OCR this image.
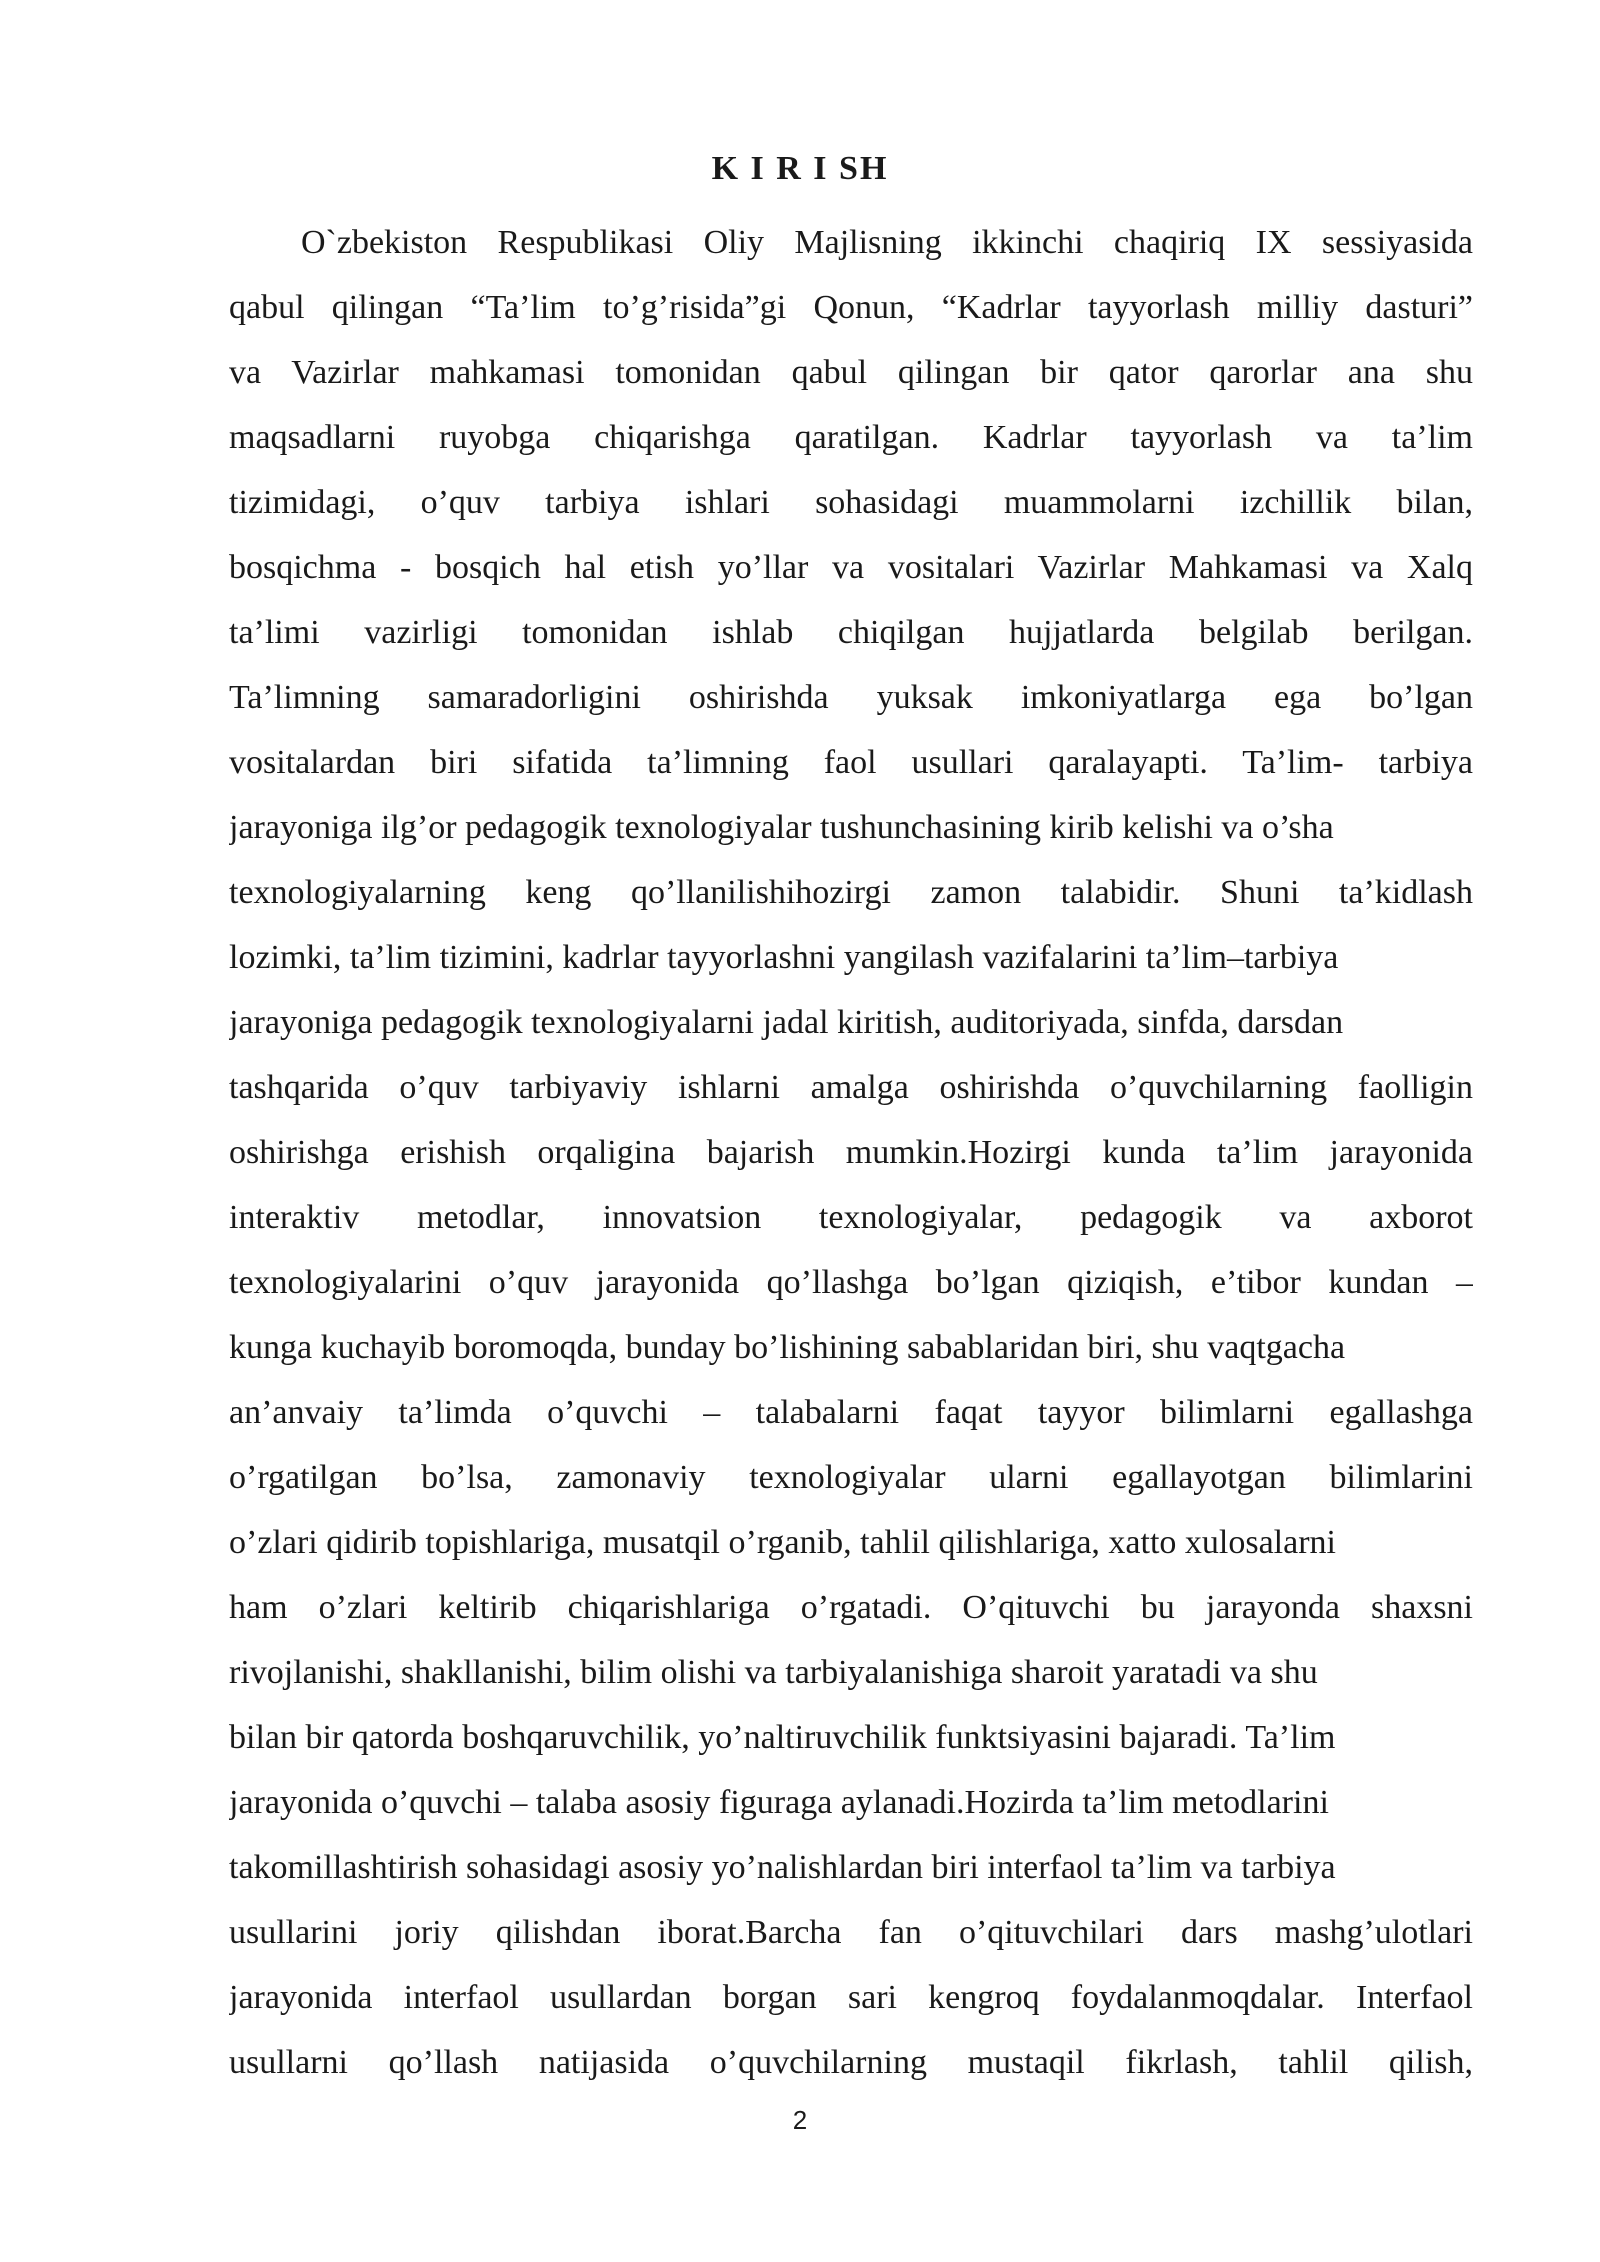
K I R I SH
O`zbekiston Respublikasi Oliy Majlisning ikkinchi chaqiriq IX sessiyasida
qabul qilingan “Ta’lim to’g’risida”gi Qonun, “Kadrlar tayyorlash milliy dasturi”
va Vazirlar mahkamasi tomonidan qabul qilingan bir qator qarorlar ana shu
maqsadlarni ruyobga chiqarishga qaratilgan. Kadrlar tayyorlash va ta’lim
tizimidagi, o’quv tarbiya ishlari sohasidagi muammolarni izchillik bilan,
bosqichma - bosqich hal etish yo’llar va vositalari Vazirlar Mahkamasi va Xalq
ta’limi vazirligi tomonidan ishlab chiqilgan hujjatlarda belgilab berilgan.
Ta’limning samaradorligini oshirishda yuksak imkoniyatlarga ega bo’lgan
vositalardan biri sifatida ta’limning faol usullari qaralayapti. Ta’lim- tarbiya
jarayoniga ilg’or pedagogik texnologiyalar tushunchasining kirib kelishi va o’sha
texnologiyalarning keng qo’llanilishihozirgi zamon talabidir. Shuni ta’kidlash
lozimki, ta’lim tizimini, kadrlar tayyorlashni yangilash vazifalarini ta’lim–tarbiya
jarayoniga pedagogik texnologiyalarni jadal kiritish, auditoriyada, sinfda, darsdan
tashqarida o’quv tarbiyaviy ishlarni amalga oshirishda o’quvchilarning faolligin
oshirishga erishish orqaligina bajarish mumkin.Hozirgi kunda ta’lim jarayonida
interaktiv metodlar, innovatsion texnologiyalar, pedagogik va axborot
texnologiyalarini o’quv jarayonida qo’llashga bo’lgan qiziqish, e’tibor kundan –
kunga kuchayib boromoqda, bunday bo’lishining sabablaridan biri, shu vaqtgacha
an’anvaiy ta’limda o’quvchi – talabalarni faqat tayyor bilimlarni egallashga
o’rgatilgan bo’lsa, zamonaviy texnologiyalar ularni egallayotgan bilimlarini
o’zlari qidirib topishlariga, musatqil o’rganib, tahlil qilishlariga, xatto xulosalarni
ham o’zlari keltirib chiqarishlariga o’rgatadi. O’qituvchi bu jarayonda shaxsni
rivojlanishi, shakllanishi, bilim olishi va tarbiyalanishiga sharoit yaratadi va shu
bilan bir qatorda boshqaruvchilik, yo’naltiruvchilik funktsiyasini bajaradi. Ta’lim
jarayonida o’quvchi – talaba asosiy figuraga aylanadi.Hozirda ta’lim metodlarini
takomillashtirish sohasidagi asosiy yo’nalishlardan biri interfaol ta’lim va tarbiya
usullarini joriy qilishdan iborat.Barcha fan o’qituvchilari dars mashg’ulotlari
jarayonida interfaol usullardan borgan sari kengroq foydalanmoqdalar. Interfaol
usullarni qo’llash natijasida o’quvchilarning mustaqil fikrlash, tahlil qilish,
2
